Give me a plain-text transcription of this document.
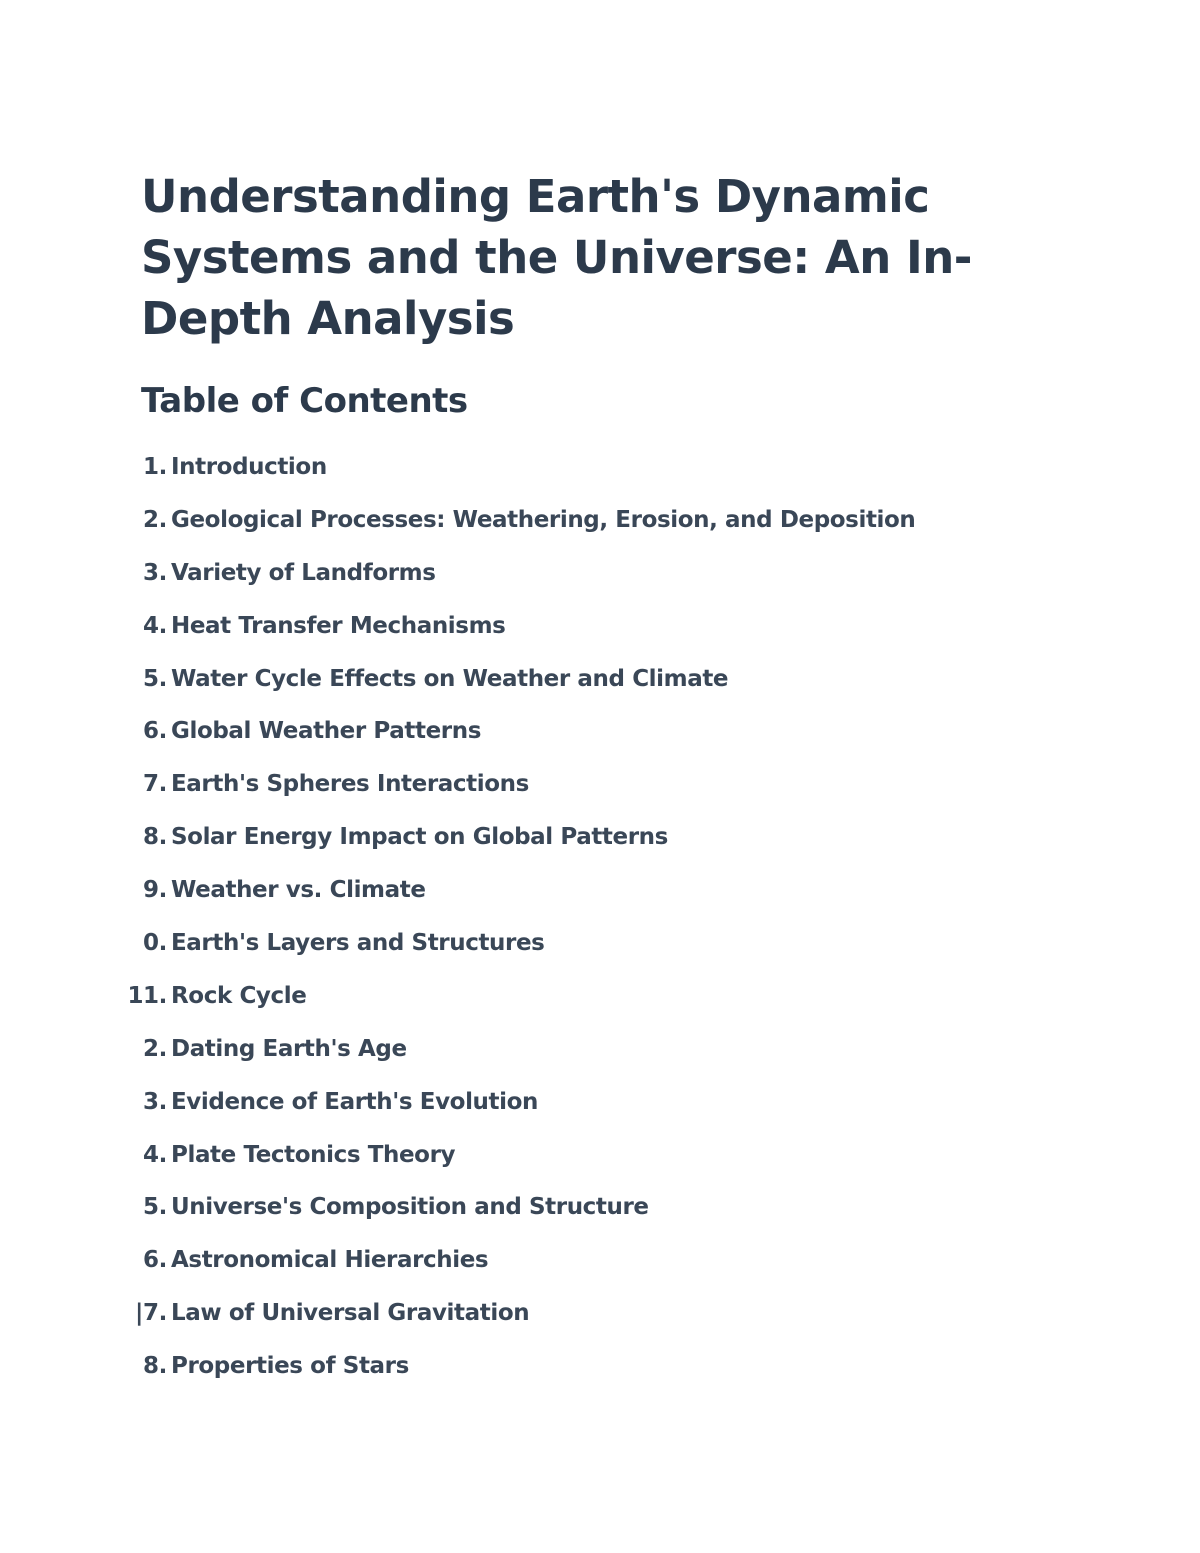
Understanding Earth's Dynamic Systems and the Universe: An In-Depth Analysis
Table of Contents
1. Introduction
2. Geological Processes: Weathering, Erosion, and Deposition
3. Variety of Landforms
4. Heat Transfer Mechanisms
5. Water Cycle Effects on Weather and Climate
6. Global Weather Patterns
7. Earth's Spheres Interactions
8. Solar Energy Impact on Global Patterns
9. Weather vs. Climate
0. Earth's Layers and Structures
11. Rock Cycle
2. Dating Earth's Age
3. Evidence of Earth's Evolution
4. Plate Tectonics Theory
5. Universe's Composition and Structure
6. Astronomical Hierarchies
|7. Law of Universal Gravitation
8. Properties of Stars
